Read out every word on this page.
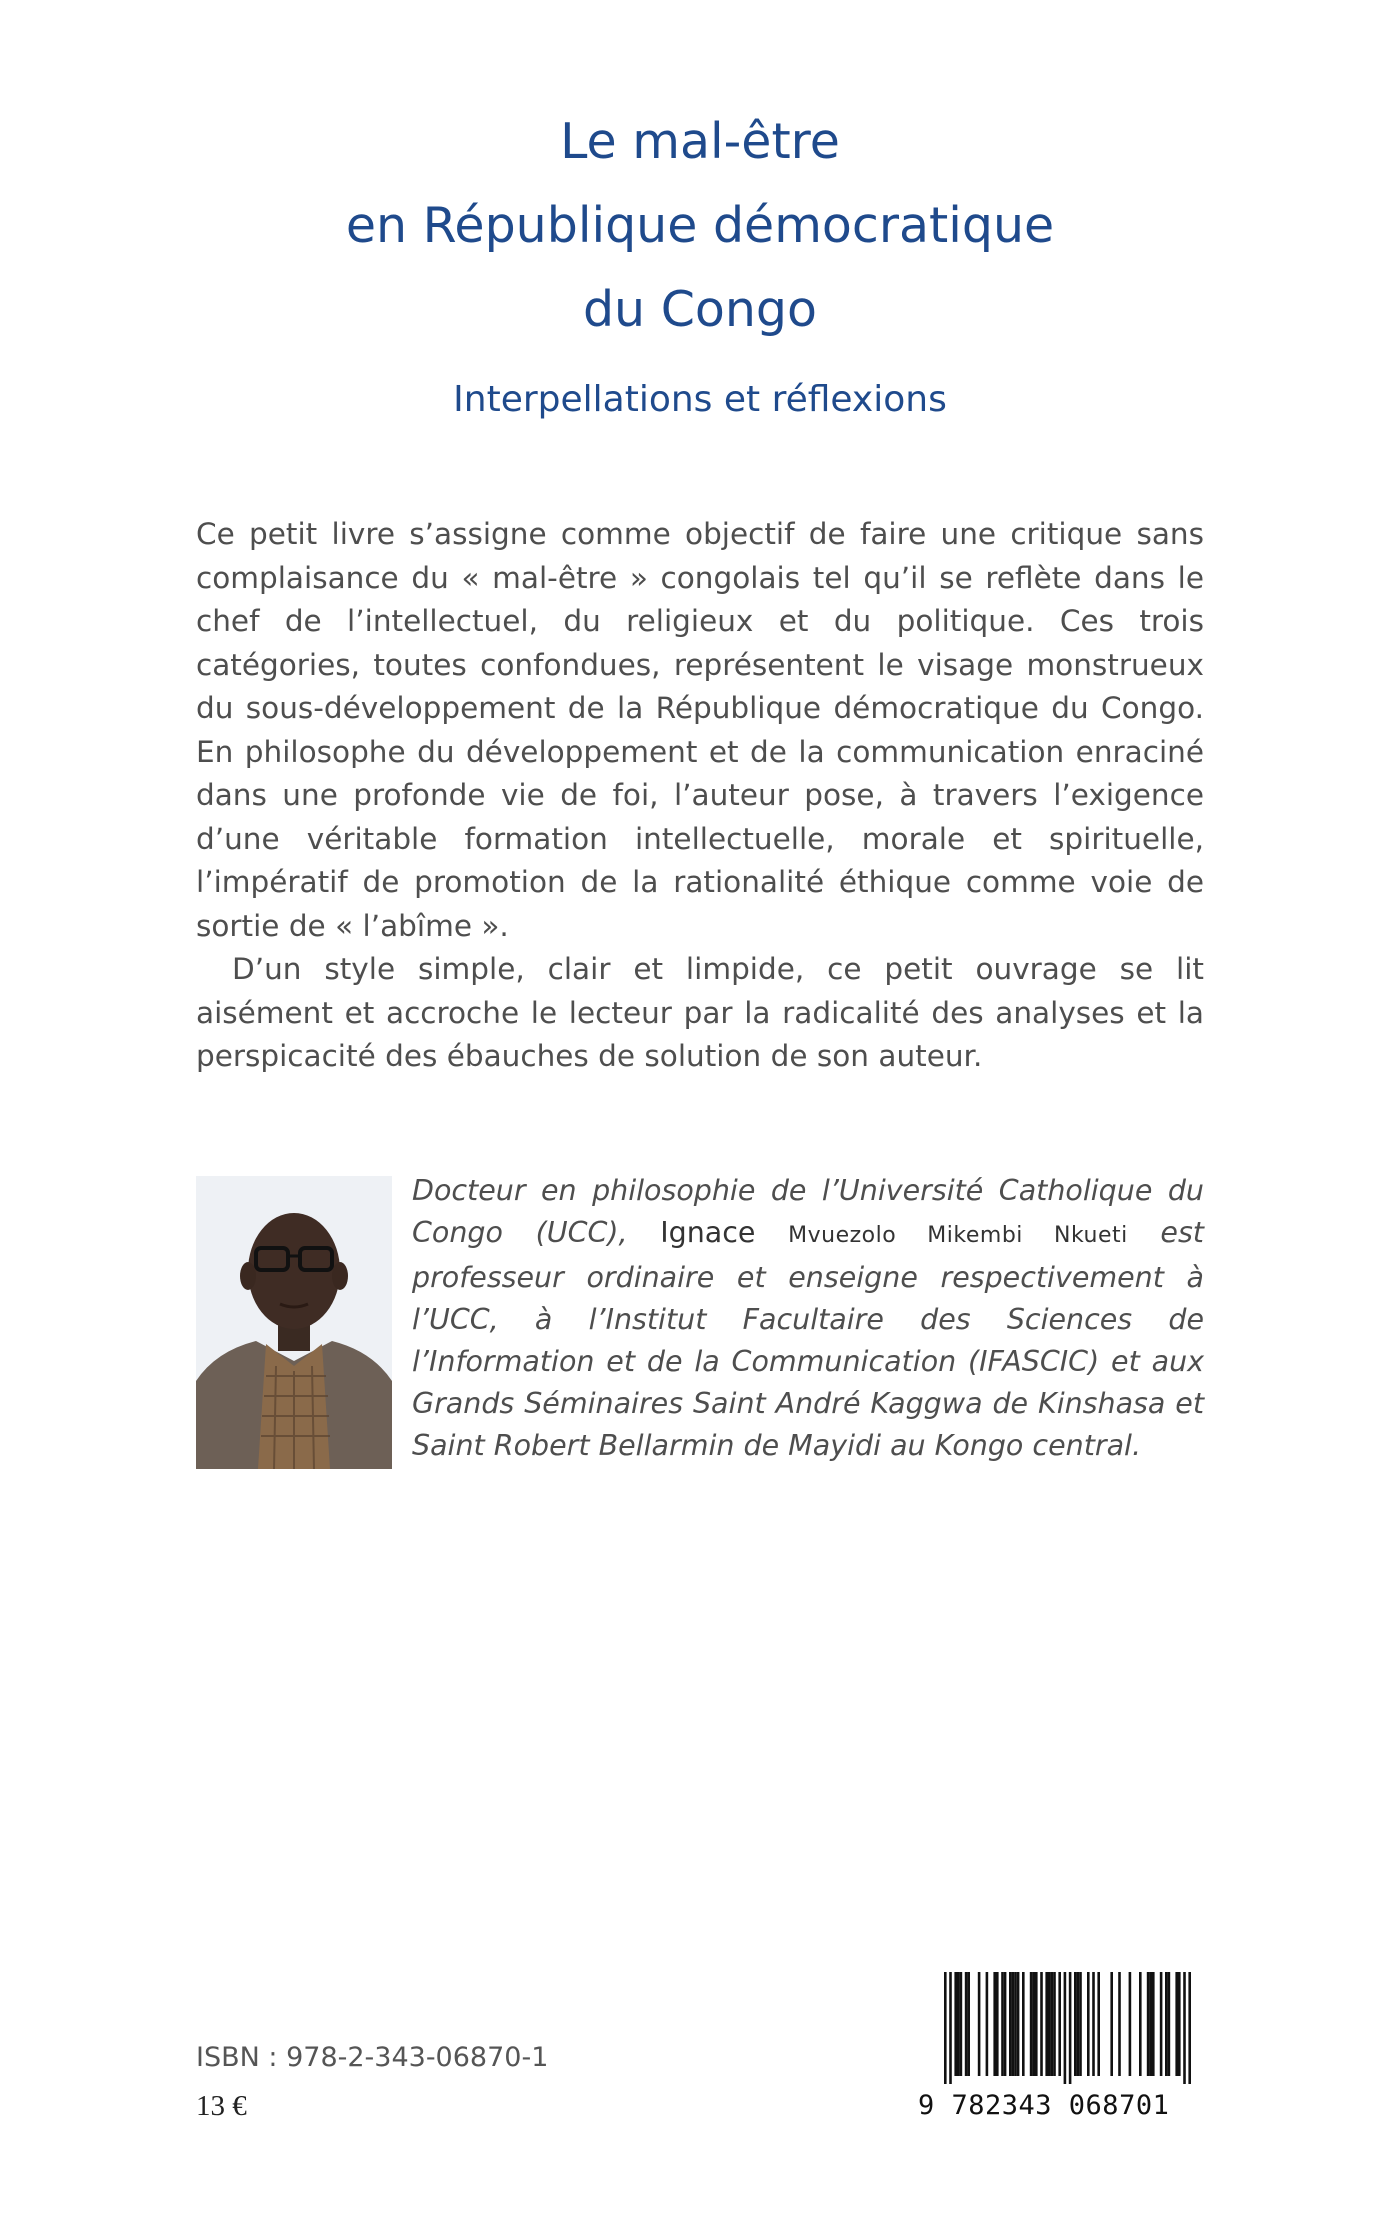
Le mal-être
en République démocratique
du Congo
Interpellations et réflexions

Ce petit livre s’assigne comme objectif de faire une critique sans complaisance du « mal-être » congolais tel qu’il se reflète dans le chef de l’intellectuel, du religieux et du politique. Ces trois catégories, toutes confondues, représentent le visage monstrueux du sous-développement de la République démocratique du Congo. En philosophe du développement et de la communication enraciné dans une profonde vie de foi, l’auteur pose, à travers l’exigence d’une véritable formation intellectuelle, morale et spirituelle, l’impératif de promotion de la rationalité éthique comme voie de sortie de « l’abîme ».

D’un style simple, clair et limpide, ce petit ouvrage se lit aisément et accroche le lecteur par la radicalité des analyses et la perspicacité des ébauches de solution de son auteur.

Docteur en philosophie de l’Université Catholique du Congo (UCC), Ignace Mvuezolo Mikembi Nkueti est professeur ordinaire et enseigne respectivement à l’UCC, à l’Institut Facultaire des Sciences de l’Information et de la Communication (IFASCIC) et aux Grands Séminaires Saint André Kaggwa de Kinshasa et Saint Robert Bellarmin de Mayidi au Kongo central.
ISBN : 978-2-343-06870-1
13 €	9 782343 068701
